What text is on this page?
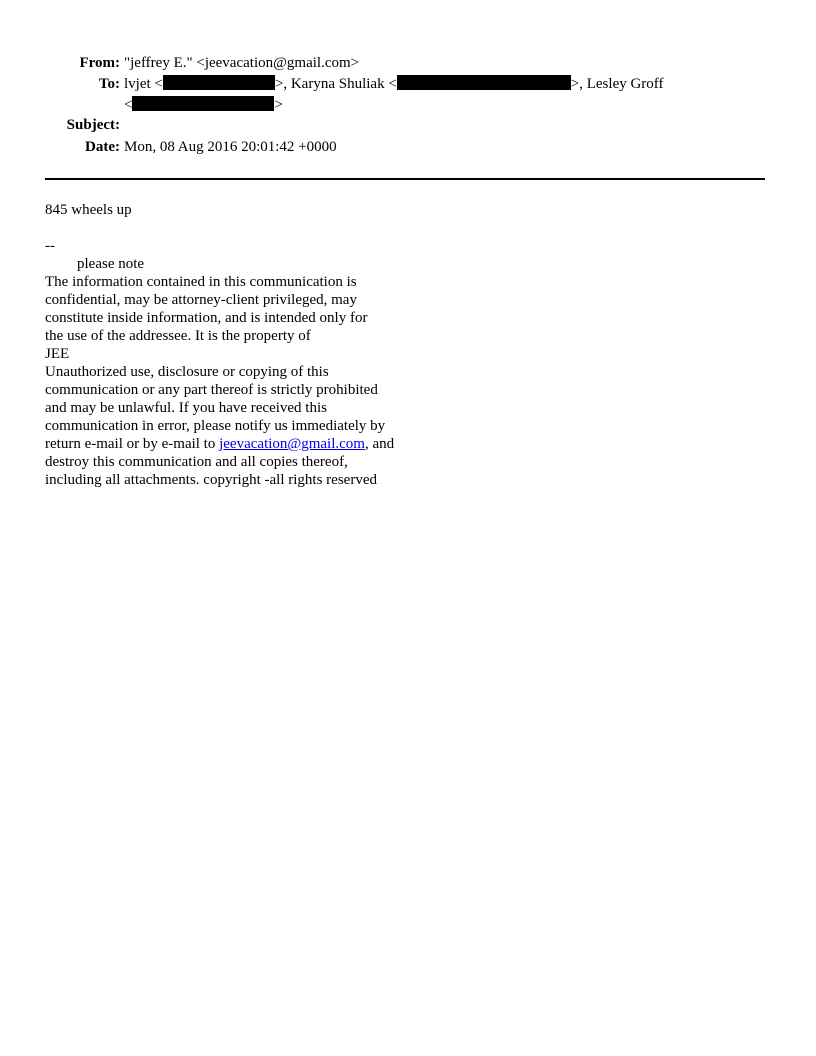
From: "jeffrey E." <jeevacation@gmail.com>
To: lvjet <	>, Karyna Shuliak <	>, Lesley Groff
<	>
Subject:
Date: Mon, 08 Aug 2016 20:01:42 +0000
845 wheels up
--
please note
The information contained in this communication is
confidential, may be attorney-client privileged, may
constitute inside information, and is intended only for
the use of the addressee. It is the property of
JEE
Unauthorized use, disclosure or copying of this
communication or any part thereof is strictly prohibited
and may be unlawful. If you have received this
communication in error, please notify us immediately by
return e-mail or by e-mail to jeevacation@gmail.com, and
destroy this communication and all copies thereof,
including all attachments. copyright -all rights reserved
